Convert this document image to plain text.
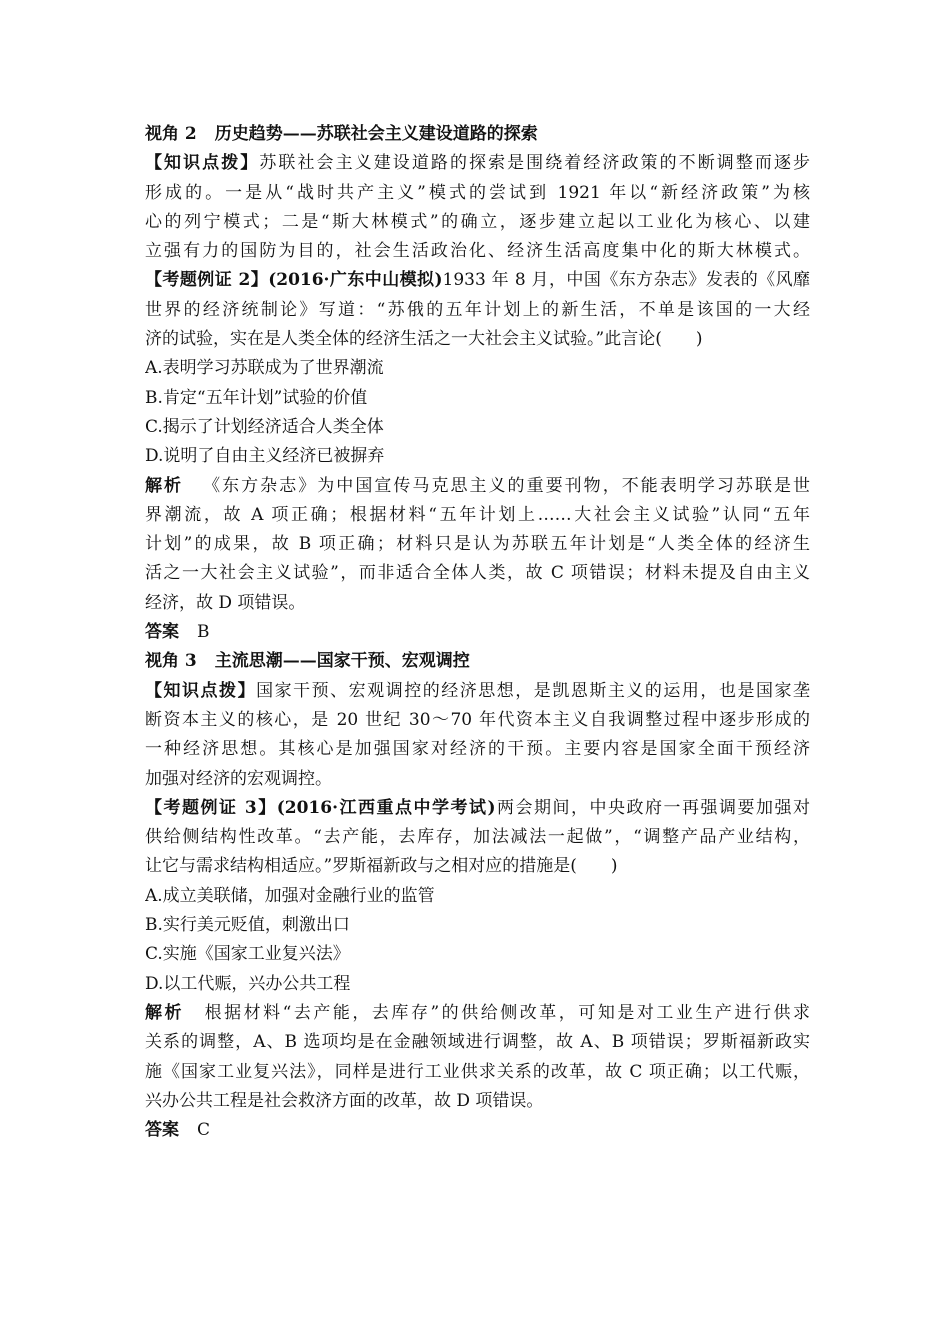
视角 2 历史趋势——苏联社会主义建设道路的探索
【知识点拨】苏联社会主义建设道路的探索是围绕着经济政策的不断调整而逐步
形成的。一是从“战时共产主义”模式的尝试到 1921 年以“新经济政策”为核
心的列宁模式；二是“斯大林模式”的确立，逐步建立起以工业化为核心、以建
立强有力的国防为目的，社会生活政治化、经济生活高度集中化的斯大林模式。
【考题例证 2】(2016·广东中山模拟)1933 年 8 月，中国《东方杂志》发表的《风靡
世界的经济统制论》写道：“苏俄的五年计划上的新生活，不单是该国的一大经
济的试验，实在是人类全体的经济生活之一大社会主义试验。”此言论(　　)
A.表明学习苏联成为了世界潮流
B.肯定“五年计划”试验的价值
C.揭示了计划经济适合人类全体
D.说明了自由主义经济已被摒弃
解析 《东方杂志》为中国宣传马克思主义的重要刊物，不能表明学习苏联是世
界潮流，故 A 项正确；根据材料“五年计划上……大社会主义试验”认同“五年
计划”的成果，故 B 项正确；材料只是认为苏联五年计划是“人类全体的经济生
活之一大社会主义试验”，而非适合全体人类，故 C 项错误；材料未提及自由主义
经济，故 D 项错误。
答案 B
视角 3 主流思潮——国家干预、宏观调控
【知识点拨】国家干预、宏观调控的经济思想，是凯恩斯主义的运用，也是国家垄
断资本主义的核心，是 20 世纪 30～70 年代资本主义自我调整过程中逐步形成的
一种经济思想。其核心是加强国家对经济的干预。主要内容是国家全面干预经济
加强对经济的宏观调控。
【考题例证 3】(2016·江西重点中学考试)两会期间，中央政府一再强调要加强对
供给侧结构性改革。“去产能，去库存，加法减法一起做”，“调整产品产业结构，
让它与需求结构相适应。”罗斯福新政与之相对应的措施是(　　)
A.成立美联储，加强对金融行业的监管
B.实行美元贬值，刺激出口
C.实施《国家工业复兴法》
D.以工代赈，兴办公共工程
解析 根据材料“去产能，去库存”的供给侧改革，可知是对工业生产进行供求
关系的调整，A、B 选项均是在金融领域进行调整，故 A、B 项错误；罗斯福新政实
施《国家工业复兴法》，同样是进行工业供求关系的改革，故 C 项正确；以工代赈，
兴办公共工程是社会救济方面的改革，故 D 项错误。
答案 C
